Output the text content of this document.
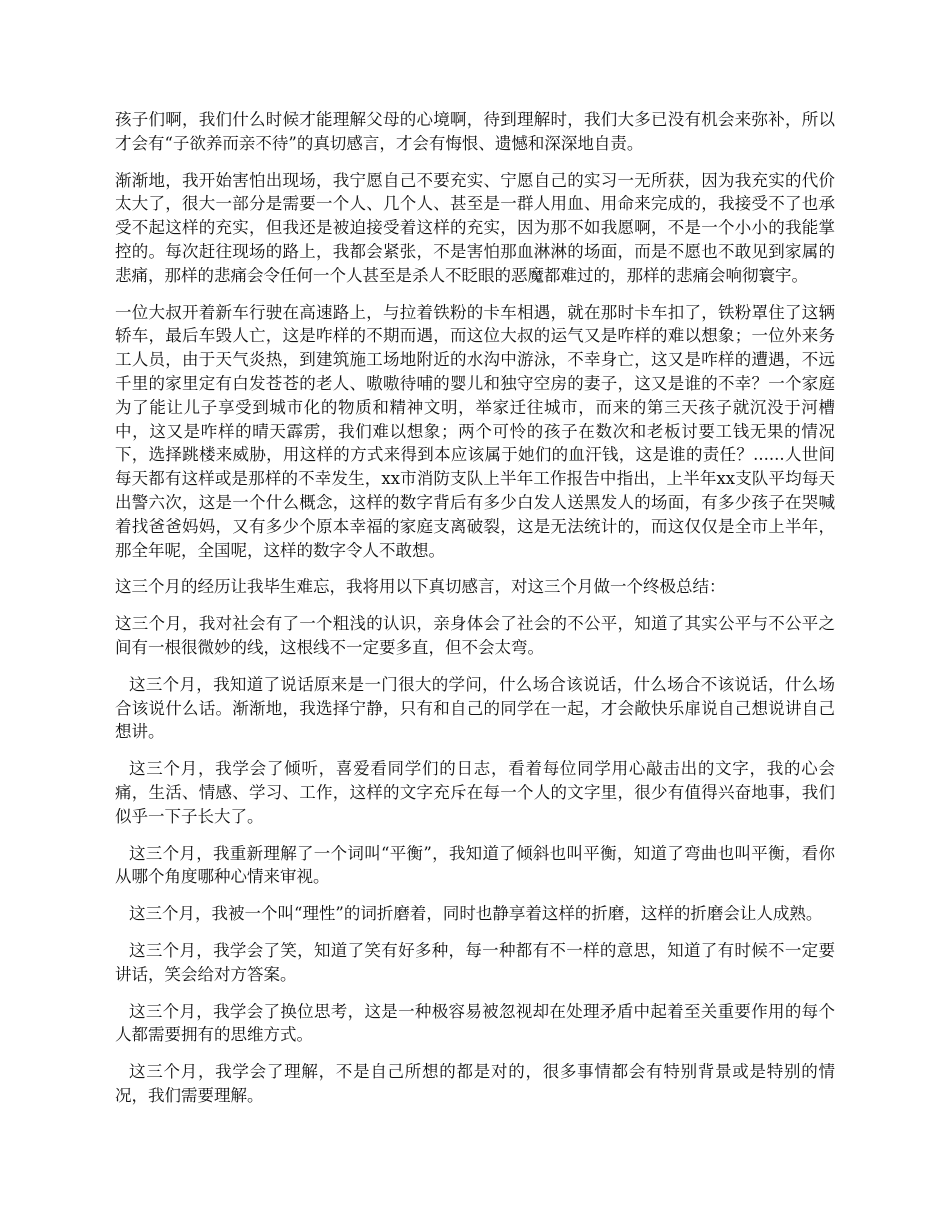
孩子们啊，我们什么时候才能理解父母的心境啊，待到理解时，我们大多已没有机会来弥补，所以才会有“子欲养而亲不待”的真切感言，才会有悔恨、遗憾和深深地自责。

渐渐地，我开始害怕出现场，我宁愿自己不要充实、宁愿自己的实习一无所获，因为我充实的代价太大了，很大一部分是需要一个人、几个人、甚至是一群人用血、用命来完成的，我接受不了也承受不起这样的充实，但我还是被迫接受着这样的充实，因为那不如我愿啊，不是一个小小的我能掌控的。每次赶往现场的路上，我都会紧张，不是害怕那血淋淋的场面，而是不愿也不敢见到家属的悲痛，那样的悲痛会令任何一个人甚至是杀人不眨眼的恶魔都难过的，那样的悲痛会响彻寰宇。

一位大叔开着新车行驶在高速路上，与拉着铁粉的卡车相遇，就在那时卡车扣了，铁粉罩住了这辆轿车，最后车毁人亡，这是咋样的不期而遇，而这位大叔的运气又是咋样的难以想象；一位外来务工人员，由于天气炎热，到建筑施工场地附近的水沟中游泳，不幸身亡，这又是咋样的遭遇，不远千里的家里定有白发苍苍的老人、嗷嗷待哺的婴儿和独守空房的妻子，这又是谁的不幸？一个家庭为了能让儿子享受到城市化的物质和精神文明，举家迁往城市，而来的第三天孩子就沉没于河槽中，这又是咋样的晴天霹雳，我们难以想象；两个可怜的孩子在数次和老板讨要工钱无果的情况下，选择跳楼来威胁，用这样的方式来得到本应该属于她们的血汗钱，这是谁的责任？......人世间每天都有这样或是那样的不幸发生，xx市消防支队上半年工作报告中指出，上半年xx支队平均每天出警六次，这是一个什么概念，这样的数字背后有多少白发人送黑发人的场面，有多少孩子在哭喊着找爸爸妈妈，又有多少个原本幸福的家庭支离破裂，这是无法统计的，而这仅仅是全市上半年，那全年呢，全国呢，这样的数字令人不敢想。

这三个月的经历让我毕生难忘，我将用以下真切感言，对这三个月做一个终极总结：

这三个月，我对社会有了一个粗浅的认识，亲身体会了社会的不公平，知道了其实公平与不公平之间有一根很微妙的线，这根线不一定要多直，但不会太弯。

这三个月，我知道了说话原来是一门很大的学问，什么场合该说话，什么场合不该说话，什么场合该说什么话。渐渐地，我选择宁静，只有和自己的同学在一起，才会敞快乐扉说自己想说讲自己想讲。

这三个月，我学会了倾听，喜爱看同学们的日志，看着每位同学用心敲击出的文字，我的心会痛，生活、情感、学习、工作，这样的文字充斥在每一个人的文字里，很少有值得兴奋地事，我们似乎一下子长大了。

这三个月，我重新理解了一个词叫“平衡”，我知道了倾斜也叫平衡，知道了弯曲也叫平衡，看你从哪个角度哪种心情来审视。

这三个月，我被一个叫“理性”的词折磨着，同时也静享着这样的折磨，这样的折磨会让人成熟。

这三个月，我学会了笑，知道了笑有好多种，每一种都有不一样的意思，知道了有时候不一定要讲话，笑会给对方答案。

这三个月，我学会了换位思考，这是一种极容易被忽视却在处理矛盾中起着至关重要作用的每个人都需要拥有的思维方式。

这三个月，我学会了理解，不是自己所想的都是对的，很多事情都会有特别背景或是特别的情况，我们需要理解。
